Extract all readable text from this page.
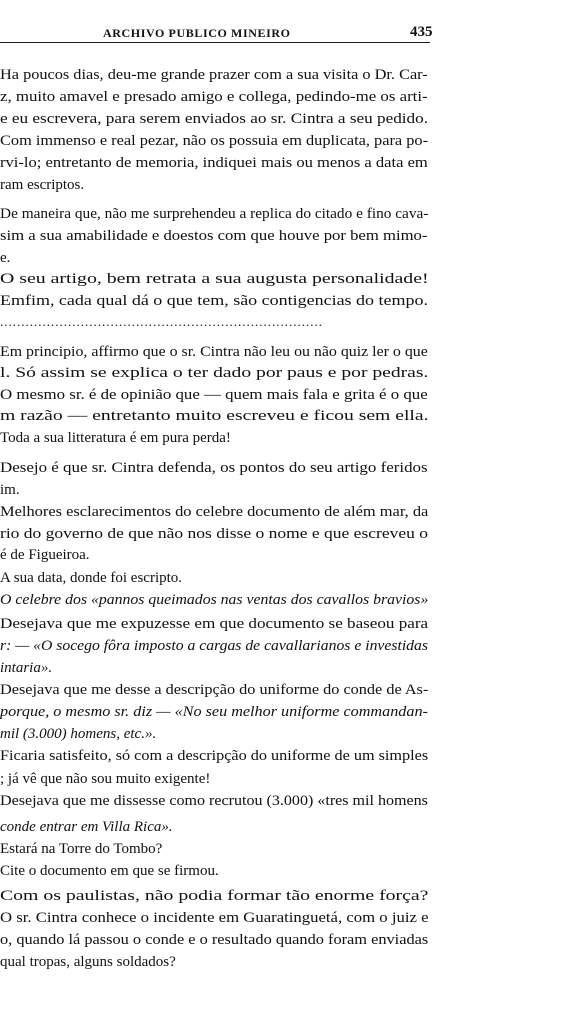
ARCHIVO PUBLICO MINEIRO	435
Ha poucos dias, deu-me grande prazer com a sua visita o Dr. Car-
z, muito amavel e presado amigo e collega, pedindo-me os arti-
e eu escrevera, para serem enviados ao sr. Cintra a seu pedido.
Com immenso e real pezar, não os possuia em duplicata, para po-
rvi-lo; entretanto de memoria, indiquei mais ou menos a data em
ram escriptos.
De maneira que, não me surprehendeu a replica do citado e fino cava-
sim a sua amabilidade e doestos com que houve por bem mimo-
e.
O seu artigo, bem retrata a sua augusta personalidade!
Emfim, cada qual dá o que tem, são contigencias do tempo.
............................................................................
Em principio, affirmo que o sr. Cintra não leu ou não quiz ler o que
l. Só assim se explica o ter dado por paus e por pedras.
O mesmo sr. é de opinião que — quem mais fala e grita é o que
m razão — entretanto muito escreveu e ficou sem ella.
Toda a sua litteratura é em pura perda!
Desejo é que sr. Cintra defenda, os pontos do seu artigo feridos
im.
Melhores esclarecimentos do celebre documento de além mar, da
rio do governo de que não nos disse o nome e que escreveu o
é de Figueiroa.
A sua data, donde foi escripto.
O celebre dos «pannos queimados nas ventas dos cavallos bravios»
Desejava que me expuzesse em que documento se baseou para
r: — «O socego fôra imposto a cargas de cavallarianos e investidas
intaria».
Desejava que me desse a descripção do uniforme do conde de As-
porque, o mesmo sr. diz — «No seu melhor uniforme commandan-
mil (3.000) homens, etc.».
Ficaria satisfeito, só com a descripção do uniforme de um simples
; já vê que não sou muito exigente!
Desejava que me dissesse como recrutou (3.000) «tres mil homens
conde entrar em Villa Rica».
Estará na Torre do Tombo?
Cite o documento em que se firmou.
Com os paulistas, não podia formar tão enorme força?
O sr. Cintra conhece o incidente em Guaratinguetá, com o juiz e
o, quando lá passou o conde e o resultado quando foram enviadas
qual tropas, alguns soldados?
